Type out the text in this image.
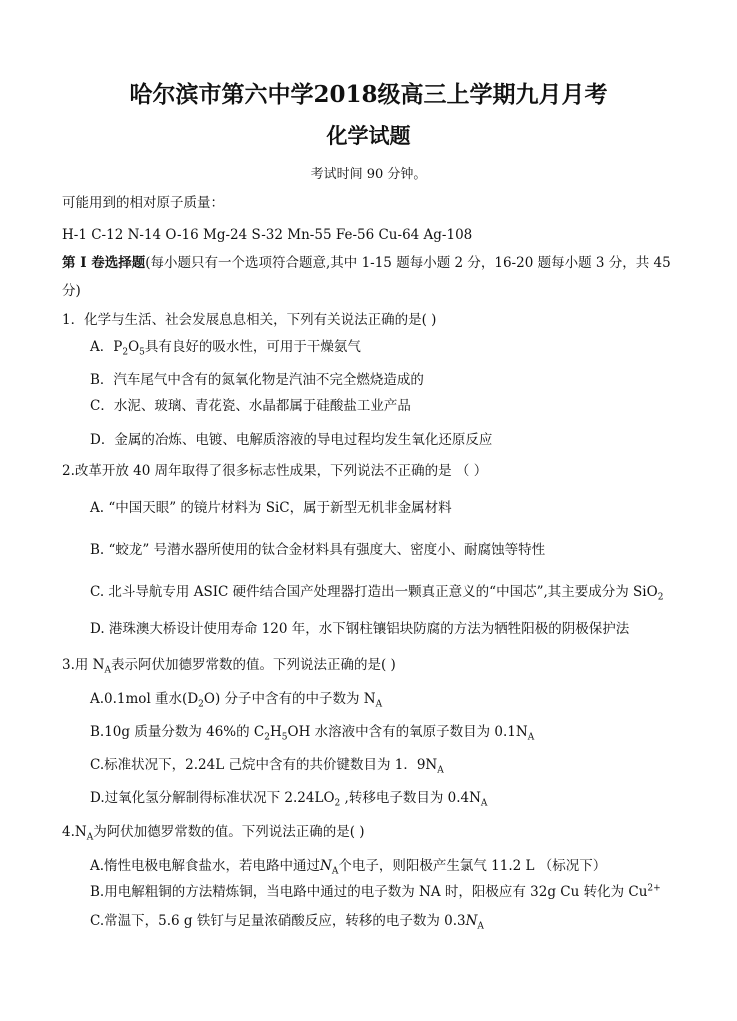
哈尔滨市第六中学2018级高三上学期九月月考
化学试题
考试时间 90 分钟。
可能用到的相对原子质量：
H-1 C-12 N-14 O-16 Mg-24 S-32 Mn-55 Fe-56 Cu-64 Ag-108
第 I 卷选择题(每小题只有一个选项符合题意,其中 1-15 题每小题 2 分，16-20 题每小题 3 分，共 45
分)
1．化学与生活、社会发展息息相关，下列有关说法正确的是( )
A．$P_2O_5$具有良好的吸水性，可用于干燥氨气
B．汽车尾气中含有的氮氧化物是汽油不完全燃烧造成的
C．水泥、玻璃、青花瓷、水晶都属于硅酸盐工业产品
D．金属的冶炼、电镀、电解质溶液的导电过程均发生氧化还原反应
2.改革开放 40 周年取得了很多标志性成果，下列说法不正确的是 （ ）
A. “中国天眼” 的镜片材料为 SiC，属于新型无机非金属材料
B. “蛟龙” 号潜水器所使用的钛合金材料具有强度大、密度小、耐腐蚀等特性
C. 北斗导航专用 ASIC 硬件结合国产处理器打造出一颗真正意义的“中国芯”,其主要成分为 SiO$_2$
D. 港珠澳大桥设计使用寿命 120 年，水下钢柱镶铝块防腐的方法为牺牲阳极的阴极保护法
3.用 $N_A$表示阿伏加德罗常数的值。下列说法正确的是( )
A.0.1mol 重水$(D_2O)$ 分子中含有的中子数为 $N_A$
B.10g 质量分数为 46%的 $C_2H_5OH$ 水溶液中含有的氧原子数目为 $0.1N_A$
C.标准状况下，2.24L 己烷中含有的共价键数目为 1．$9N_A$
D.过氧化氢分解制得标准状况下 $2.24LO_2$ ,转移电子数目为 $0.4N_A$
$4.N_A$为阿伏加德罗常数的值。下列说法正确的是( )
A.惰性电极电解食盐水，若电路中通过$N_A$个电子，则阳极产生氯气 11.2 L （标况下）
B.用电解粗铜的方法精炼铜，当电路中通过的电子数为 NA 时，阳极应有 32g Cu 转化为 $Cu^{2+}$
C.常温下，5.6 g 铁钉与足量浓硝酸反应，转移的电子数为 $0.3N_A$
